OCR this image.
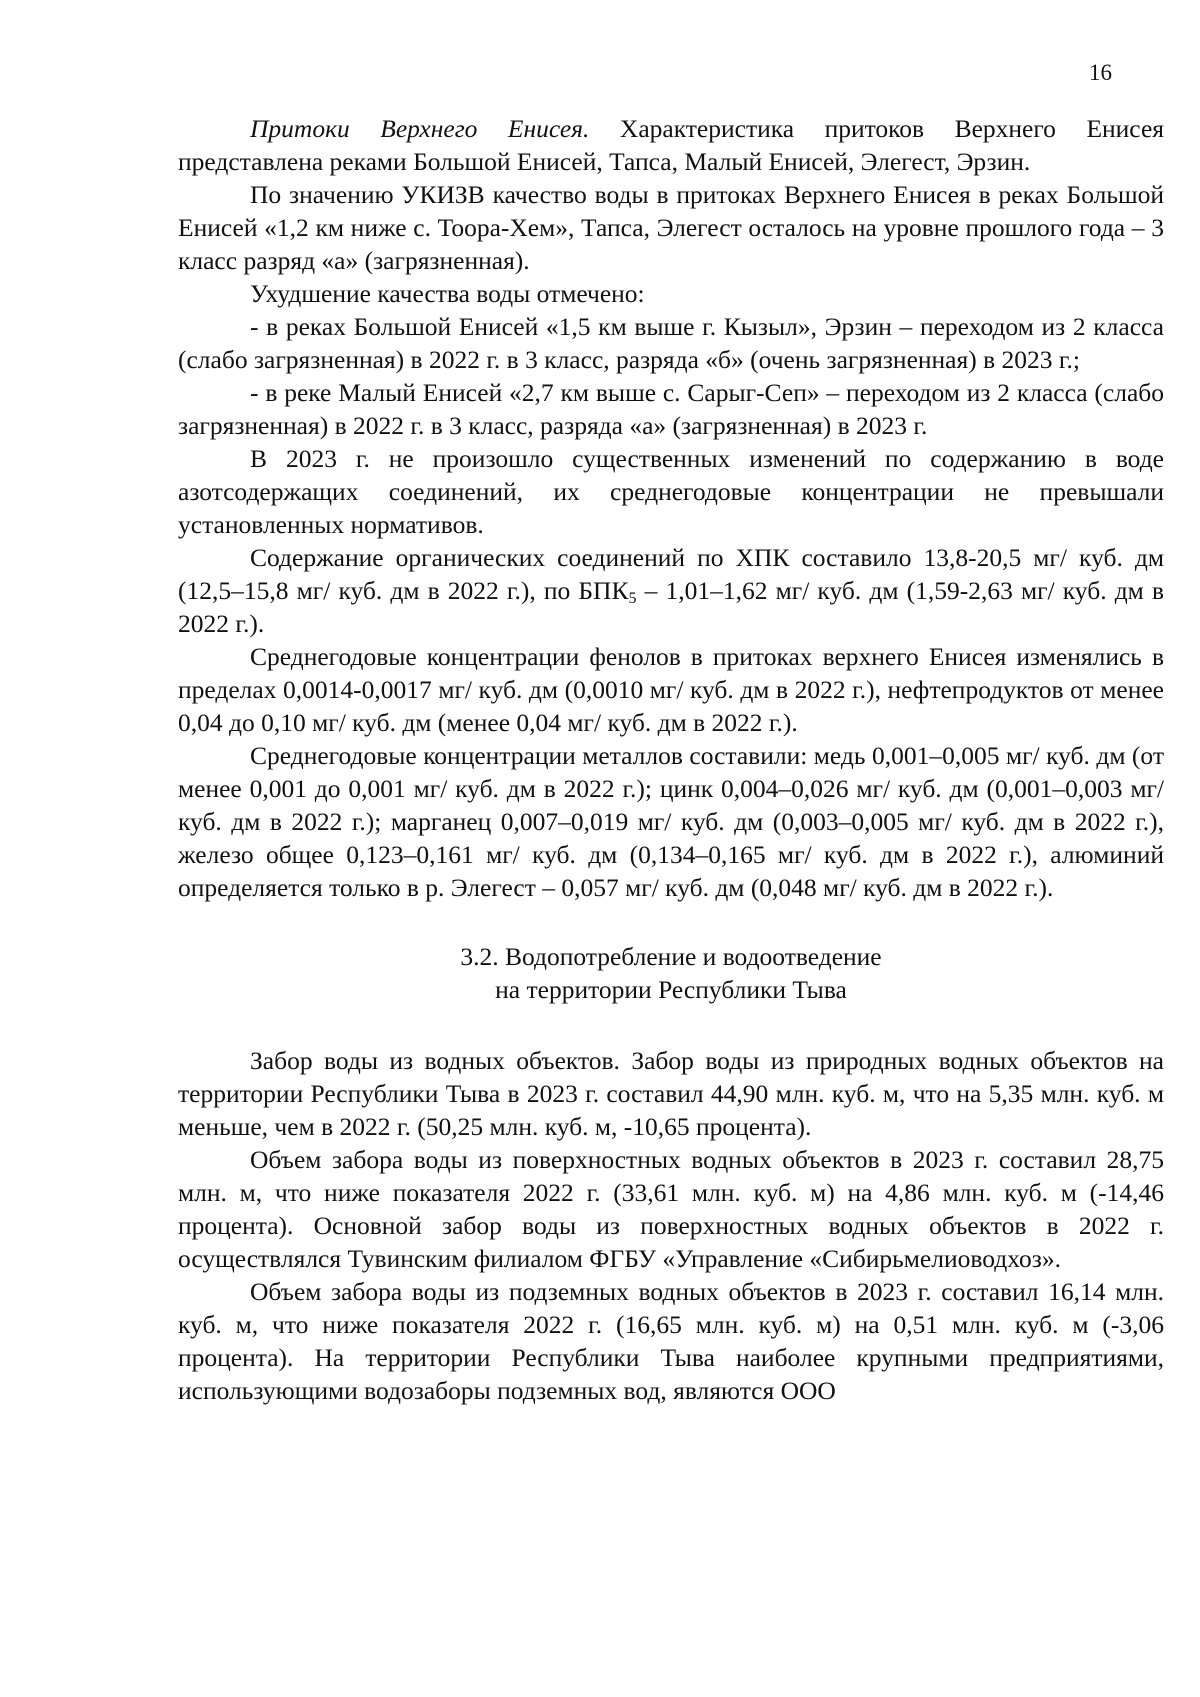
16

Притоки Верхнего Енисея. Характеристика притоков Верхнего Енисея представлена реками Большой Енисей, Тапса, Малый Енисей, Элегест, Эрзин.

По значению УКИЗВ качество воды в притоках Верхнего Енисея в реках Большой Енисей «1,2 км ниже с. Тоора-Хем», Тапса, Элегест осталось на уровне прошлого года – 3 класс разряд «а» (загрязненная).

Ухудшение качества воды отмечено:

- в реках Большой Енисей «1,5 км выше г. Кызыл», Эрзин – переходом из 2 класса (слабо загрязненная) в 2022 г. в 3 класс, разряда «б» (очень загрязненная) в 2023 г.;

- в реке Малый Енисей «2,7 км выше с. Сарыг-Сеп» – переходом из 2 класса (слабо загрязненная) в 2022 г. в 3 класс, разряда «а» (загрязненная) в 2023 г.

В 2023 г. не произошло существенных изменений по содержанию в воде азотсодержащих соединений, их среднегодовые концентрации не превышали установленных нормативов.

Содержание органических соединений по ХПК составило 13,8-20,5 мг/ куб. дм (12,5–15,8 мг/ куб. дм в 2022 г.), по $БПК_5 - 1,01-1,62$ мг/ куб. дм (1,59-2,63 мг/ куб. дм в 2022 г.).

Среднегодовые концентрации фенолов в притоках верхнего Енисея изменялись в пределах 0,0014-0,0017 мг/ куб. дм (0,0010 мг/ куб. дм в 2022 г.), нефтепродуктов от менее 0,04 до 0,10 мг/ куб. дм (менее 0,04 мг/ куб. дм в 2022 г.).

Среднегодовые концентрации металлов составили: медь 0,001–0,005 мг/ куб. дм (от менее 0,001 до 0,001 мг/ куб. дм в 2022 г.); цинк 0,004–0,026 мг/ куб. дм (0,001–0,003 мг/ куб. дм в 2022 г.); марганец 0,007–0,019 мг/ куб. дм (0,003–0,005 мг/ куб. дм в 2022 г.), железо общее 0,123–0,161 мг/ куб. дм (0,134–0,165 мг/ куб. дм в 2022 г.), алюминий определяется только в р. Элегест – 0,057 мг/ куб. дм (0,048 мг/ куб. дм в 2022 г.).

3.2. Водопотребление и водоотведение
на территории Республики Тыва

Забор воды из водных объектов. Забор воды из природных водных объектов на территории Республики Тыва в 2023 г. составил 44,90 млн. куб. м, что на 5,35 млн. куб. м меньше, чем в 2022 г. (50,25 млн. куб. м, -10,65 процента).

Объем забора воды из поверхностных водных объектов в 2023 г. составил 28,75 млн. м, что ниже показателя 2022 г. (33,61 млн. куб. м) на 4,86 млн. куб. м (-14,46 процента). Основной забор воды из поверхностных водных объектов в 2022 г. осуществлялся Тувинским филиалом ФГБУ «Управление «Сибирьмелиоводхоз».

Объем забора воды из подземных водных объектов в 2023 г. составил 16,14 млн. куб. м, что ниже показателя 2022 г. (16,65 млн. куб. м) на 0,51 млн. куб. м (-3,06 процента). На территории Республики Тыва наиболее крупными предприятиями, использующими водозаборы подземных вод, являются ООО
